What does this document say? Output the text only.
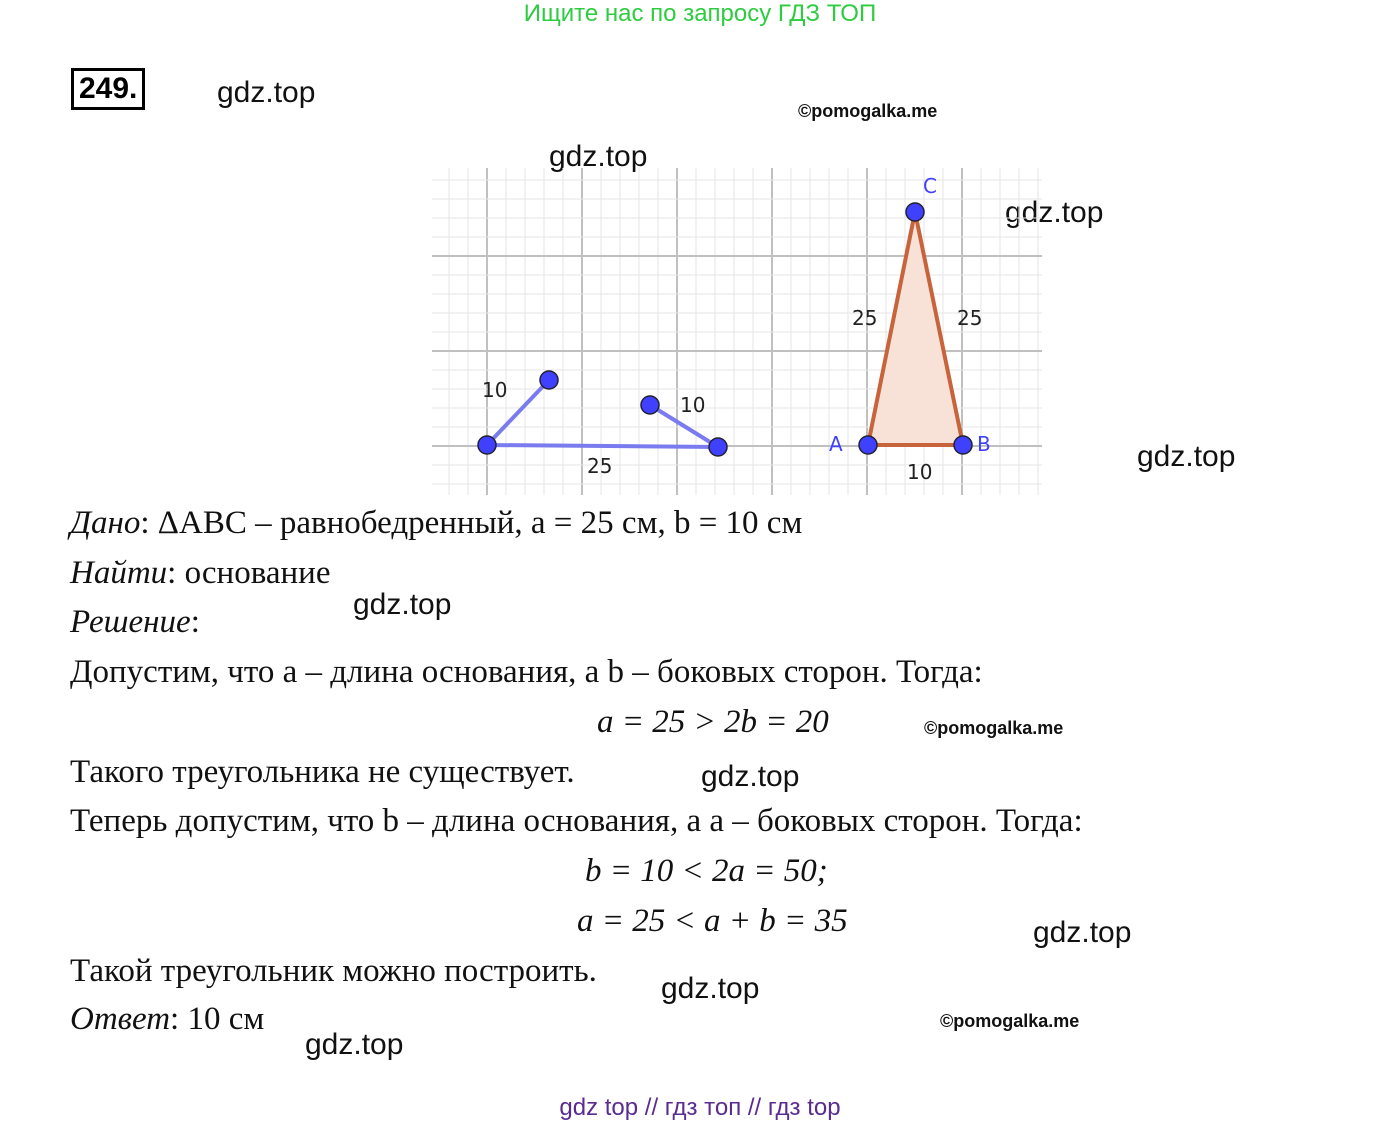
Ищите нас по запросу ГДЗ ТОП
249.	gdz.top
©pomogalka.me
gdz.top
gdz.top
gdz.top
10
10
25
25	25
10
A	B
C
Дано: ΔABC – равнобедренный, a = 25 см, b = 10 см
Найти: основание
Решение:	gdz.top
Допустим, что a – длина основания, а b – боковых сторон. Тогда:
a = 25 > 2b = 20	©pomogalka.me
Такого треугольника не существует.	gdz.top
Теперь допустим, что b – длина основания, а a – боковых сторон. Тогда:
b = 10 < 2a = 50;
a = 25 < a + b = 35	gdz.top
Такой треугольник можно построить. gdz.top
Ответ: 10 см	©pomogalka.me
gdz.top
gdz top // гдз топ // гдз top
